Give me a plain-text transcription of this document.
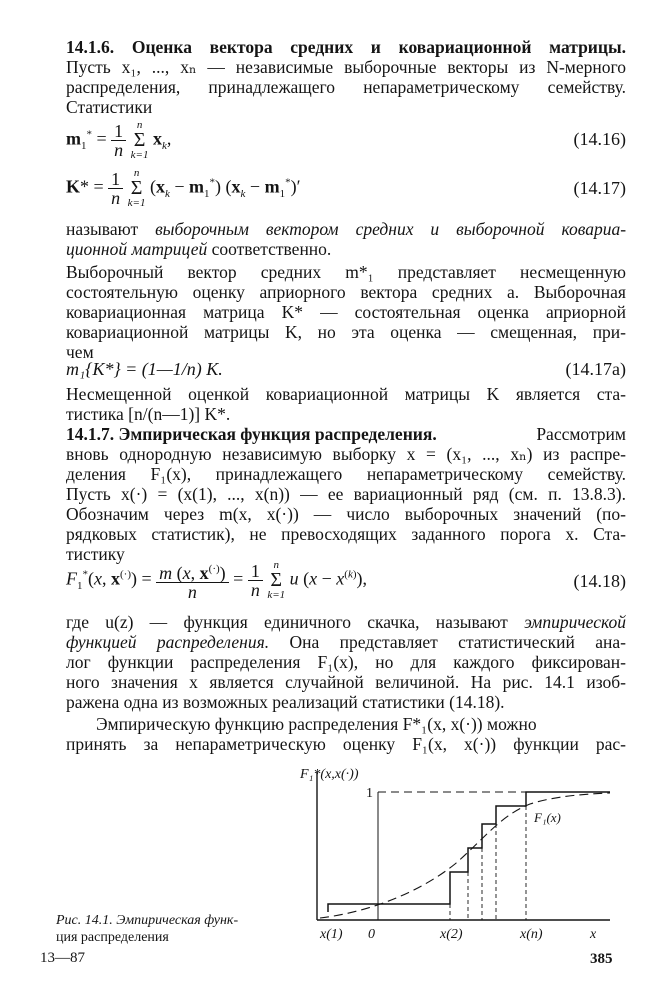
14.1.6. Оценка вектора средних и ковариационной матрицы.

Пусть x₁, ..., xₙ — независимые выборочные векторы из N-мерного

распределения, принадлежащего непараметрическому семейству.

Статистики

$m_1^* = \frac{1}{n}$
n
Σ
k=1
$x_k$,	(14.16)
$K* = \frac{1}{n}$
n
Σ
k=1
$(x_k - m_1^*) (x_k - m_1^*)'$	(14.17)

называют выборочным вектором средних и выборочной ковариа-

ционной матрицей соответственно.

Выборочный вектор средних m*₁ представляет несмещенную

состоятельную оценку априорного вектора средних a. Выборочная

ковариационная матрица K* — состоятельная оценка априорной

ковариационной матрицы K, но эта оценка — смещенная, при-

чем

m₁{K*} = (1—1/n) K.	(14.17a)

Несмещенной оценкой ковариационной матрицы K является ста-

тистика [n/(n—1)] K*.

14.1.7. Эмпирическая функция распределения.	Рассмотрим

вновь однородную независимую выборку x = (x₁, ..., xₙ) из распре-

деления F₁(x), принадлежащего непараметрическому семейству.

Пусть x(·) = (x(1), ..., x(n)) — ее вариационный ряд (см. п. 13.8.3).

Обозначим через m(x, x(·)) — число выборочных значений (по-

рядковых статистик), не превосходящих заданного порога x. Ста-

тистику

$F_1^*(x$, $x^{(\cdot)}) = \frac{m (x, x^{(\cdot)})}{n} = \frac{1}{n}$
n
Σ
k=1
u $(x - x^{(k)})$,	(14.18)

где u(z) — функция единичного скачка, называют эмпирической

функцией распределения. Она представляет статистический ана-

лог функции распределения F₁(x), но для каждого фиксирован-

ного значения x является случайной величиной. На рис. 14.1 изоб-

ражена одна из возможных реализаций статистики (14.18).

Эмпирическую функцию распределения F*₁(x, x(·)) можно

принять за непараметрическую оценку F₁(x, x(·)) функции рас-

F₁*(x,x(·))
1
F₁(x)
x(1) 0	x(2)	x(n)	x
Рис. 14.1. Эмпирическая функ-
ция распределения
13—87	385
